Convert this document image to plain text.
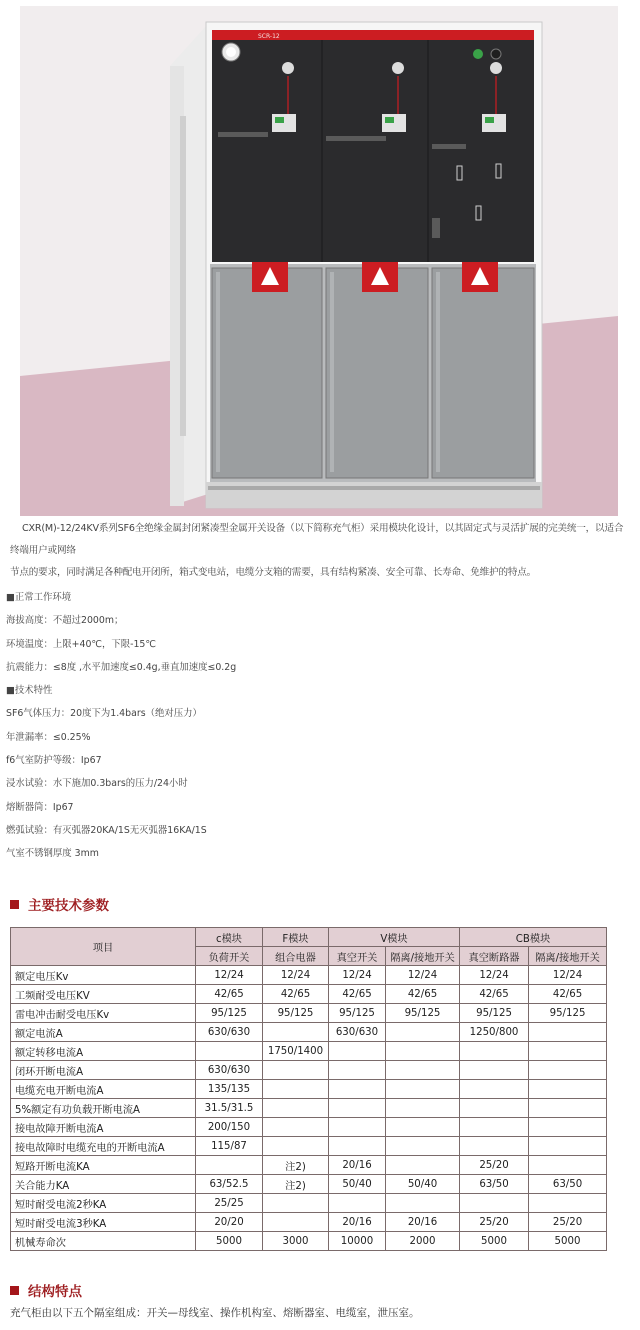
SCR-12

CXR(M)-12/24KV系列SF6全绝缘金属封闭紧凑型金属开关设备（以下简称充气柜）采用模块化设计，以其固定式与灵活扩展的完美统一，以适合终端用户或网络

节点的要求，同时满足各种配电开闭所，箱式变电站，电缆分支箱的需要，具有结构紧凑、安全可靠、长寿命、免维护的特点。
■正常工作环境
海拔高度：不超过2000m；
环境温度：上限+40℃，下限-15℃
抗震能力：≤8度 ,水平加速度≤0.4g,垂直加速度≤0.2g
■技术特性
SF6气体压力：20度下为1.4bars（绝对压力）
年泄漏率：≤0.25%
f6气室防护等级：Ip67
浸水试验：水下施加0.3bars的压力/24小时
熔断器筒：Ip67
燃弧试验：有灭弧器20KA/1S无灭弧器16KA/1S
气室不锈钢厚度 3mm
主要技术参数
项目	c模块	F模块	V模块		CB模块	
	负荷开关	组合电器	真空开关	隔离/接地开关	真空断路器	隔离/接地开关
额定电压Kv	12/24	12/24	12/24	12/24	12/24	12/24
工频耐受电压KV	42/65	42/65	42/65	42/65	42/65	42/65
雷电冲击耐受电压Kv	95/125	95/125	95/125	95/125	95/125	95/125
额定电流A	630/630		630/630		1250/800	
额定转移电流A		1750/1400				
闭环开断电流A	630/630					
电缆充电开断电流A	135/135					
5%额定有功负载开断电流A	31.5/31.5					
接电故障开断电流A	200/150					
接电故障时电缆充电的开断电流A	115/87					
短路开断电流KA		注2)	20/16		25/20	
关合能力KA	63/52.5	注2)	50/40	50/40	63/50	63/50
短时耐受电流2秒KA	25/25					
短时耐受电流3秒KA	20/20		20/16	20/16	25/20	25/20
机械寿命次	5000	3000	10000	2000	5000	5000
结构特点
充气柜由以下五个隔室组成：开关—母线室、操作机构室、熔断器室、电缆室，泄压室。
